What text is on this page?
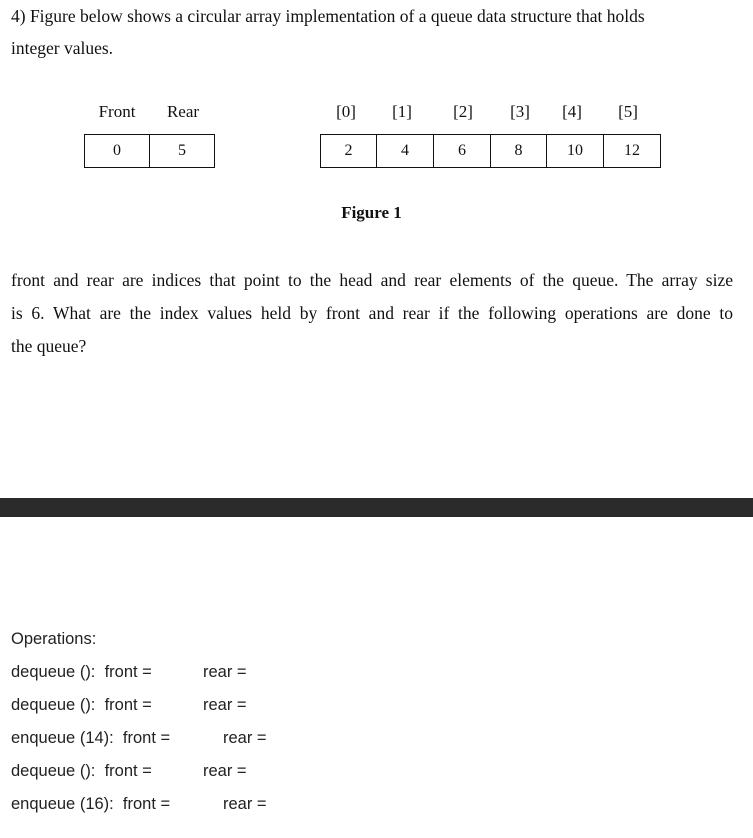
4) Figure below shows a circular array implementation of a queue data structure that holds
integer values.
Front	Rear
0	5
[0]	[1]	[2]	[3]	[4]	[5]
2	4	6	8	10	12
Figure 1
front and rear are indices that point to the head and rear elements of the queue. The array size
is 6. What are the index values held by front and rear if the following operations are done to
the queue?
Operations:
dequeue (): front =	rear =
dequeue (): front =	rear =
enqueue (14): front =	rear =
dequeue (): front =	rear =
enqueue (16): front =	rear =
